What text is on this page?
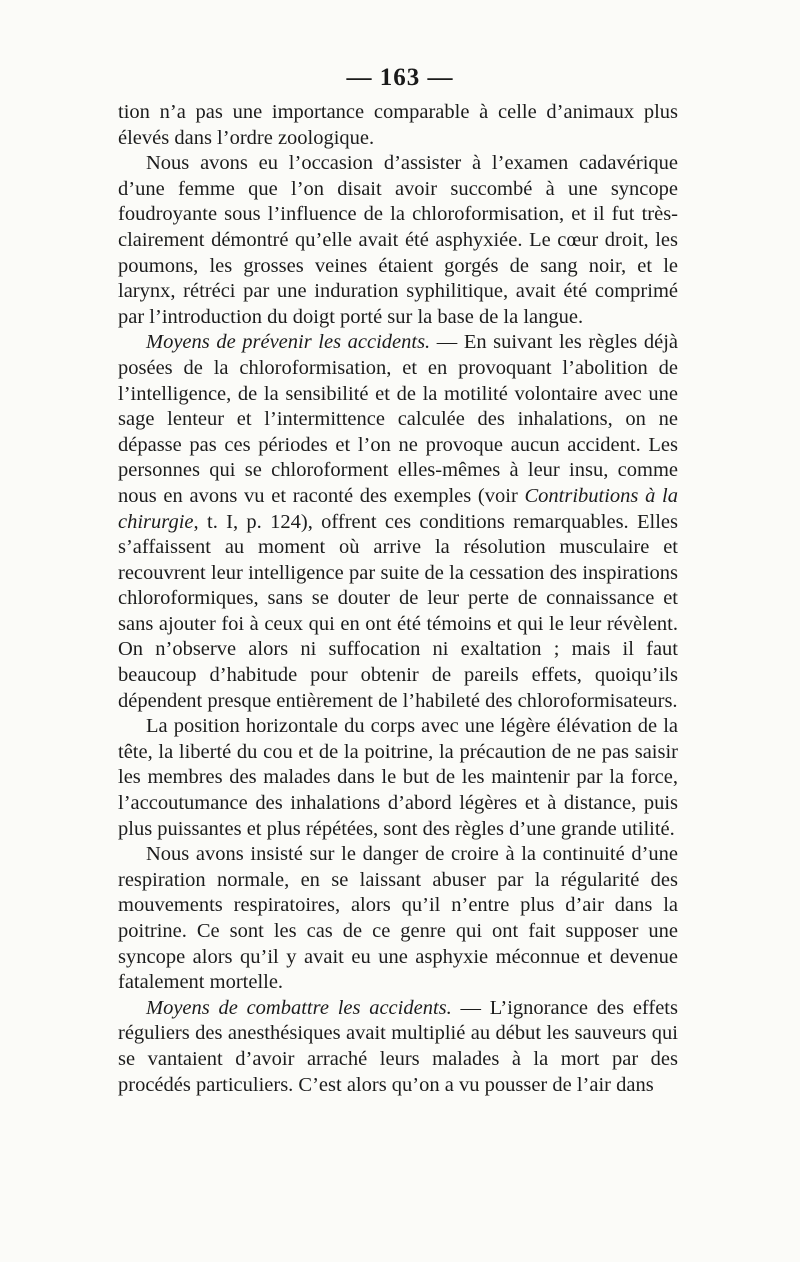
— 163 —

tion n’a pas une importance comparable à celle d’animaux plus élevés dans l’ordre zoologique.

Nous avons eu l’occasion d’assister à l’examen cadavérique d’une femme que l’on disait avoir succombé à une syncope foudroyante sous l’influence de la chloroformisation, et il fut très-clairement démontré qu’elle avait été asphyxiée. Le cœur droit, les poumons, les grosses veines étaient gorgés de sang noir, et le larynx, rétréci par une induration syphilitique, avait été comprimé par l’introduction du doigt porté sur la base de la langue.

Moyens de prévenir les accidents. — En suivant les règles déjà posées de la chloroformisation, et en provoquant l’abolition de l’intelligence, de la sensibilité et de la motilité volontaire avec une sage lenteur et l’intermittence calculée des inhalations, on ne dépasse pas ces périodes et l’on ne provoque aucun accident. Les personnes qui se chloroforment elles-mêmes à leur insu, comme nous en avons vu et raconté des exemples (voir Contributions à la chirurgie, t. I, p. 124), offrent ces conditions remarquables. Elles s’affaissent au moment où arrive la résolution musculaire et recouvrent leur intelligence par suite de la cessation des inspirations chloroformiques, sans se douter de leur perte de connaissance et sans ajouter foi à ceux qui en ont été témoins et qui le leur révèlent. On n’observe alors ni suffocation ni exaltation ; mais il faut beaucoup d’habitude pour obtenir de pareils effets, quoiqu’ils dépendent presque entièrement de l’habileté des chloroformisateurs.

La position horizontale du corps avec une légère élévation de la tête, la liberté du cou et de la poitrine, la précaution de ne pas saisir les membres des malades dans le but de les maintenir par la force, l’accoutumance des inhalations d’abord légères et à distance, puis plus puissantes et plus répétées, sont des règles d’une grande utilité.

Nous avons insisté sur le danger de croire à la continuité d’une respiration normale, en se laissant abuser par la régularité des mouvements respiratoires, alors qu’il n’entre plus d’air dans la poitrine. Ce sont les cas de ce genre qui ont fait supposer une syncope alors qu’il y avait eu une asphyxie méconnue et devenue fatalement mortelle.

Moyens de combattre les accidents. — L’ignorance des effets réguliers des anesthésiques avait multiplié au début les sauveurs qui se vantaient d’avoir arraché leurs malades à la mort par des procédés particuliers. C’est alors qu’on a vu pousser de l’air dans
